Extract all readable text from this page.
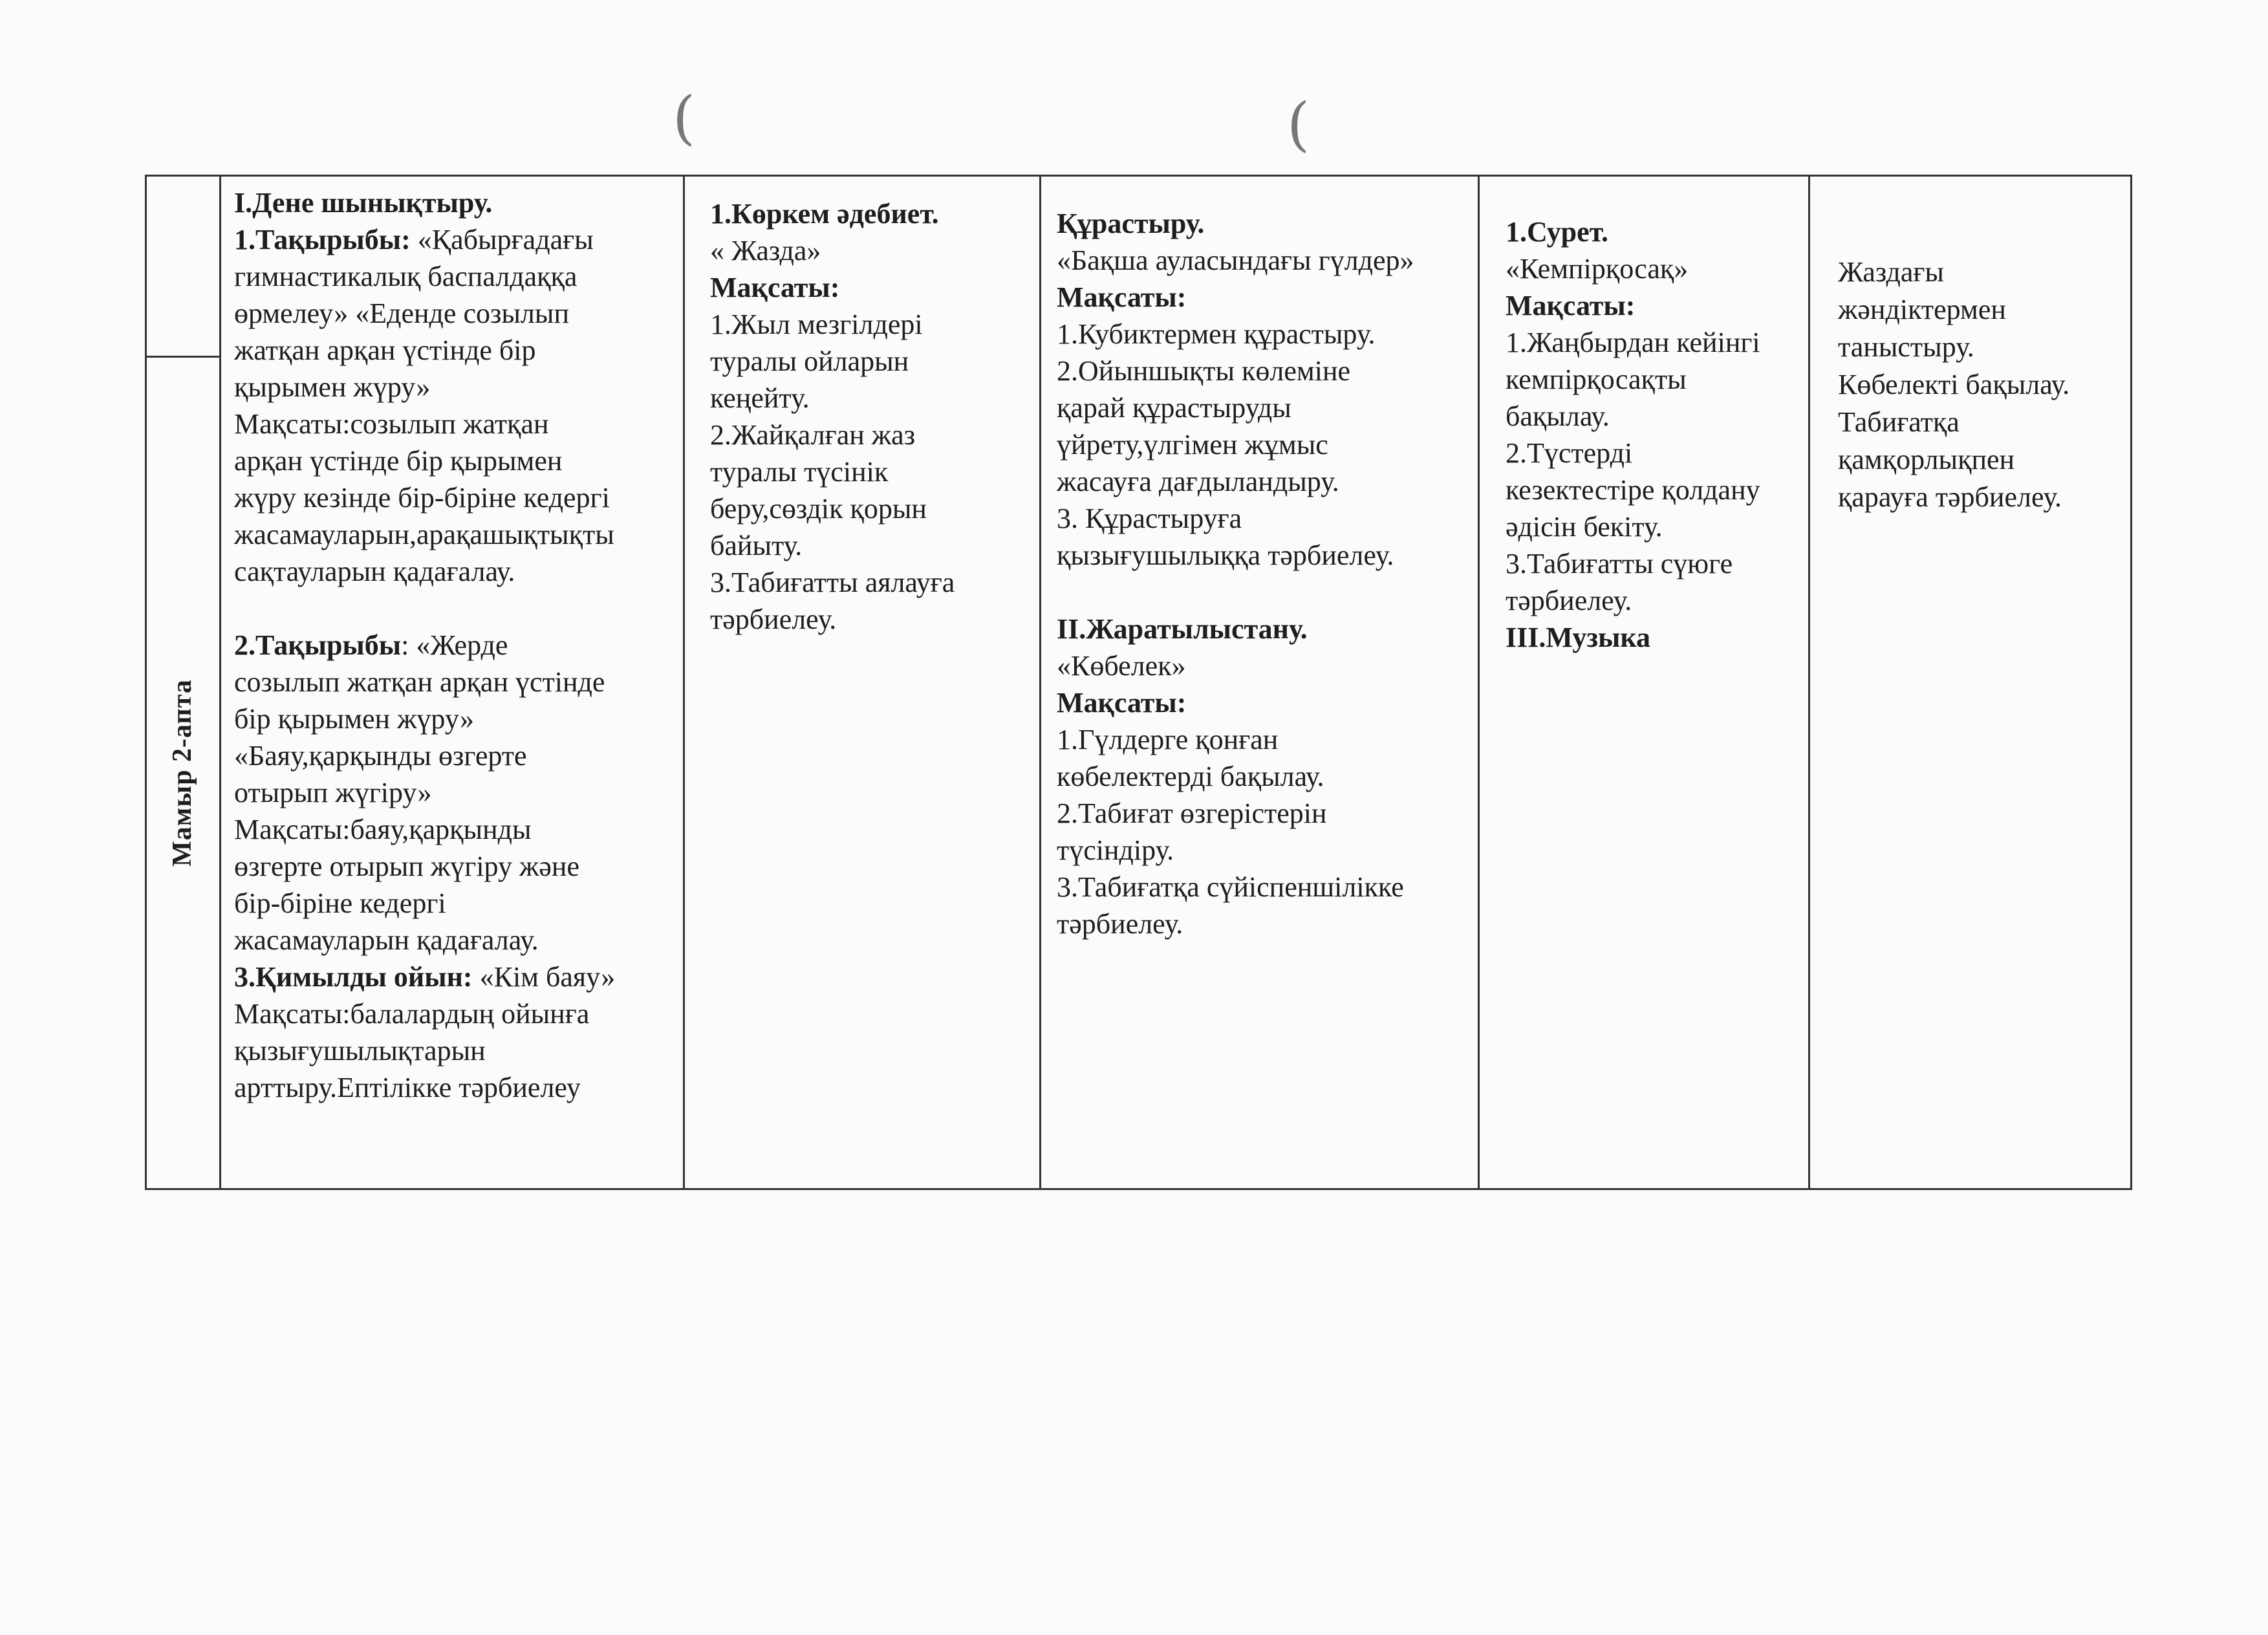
(	(
Мамыр 2-апта
І.Дене шынықтыру.
1.Тақырыбы: «Қабырғадағы
гимнастикалық баспалдаққа
өрмелеу» «Еденде созылып
жатқан арқан үстінде бір
қырымен жүру»
Мақсаты:созылып жатқан
арқан үстінде бір қырымен
жүру кезінде бір-біріне кедергі
жасамауларын,арақашықтықты
сақтауларын қадағалау.

2.Тақырыбы: «Жерде
созылып жатқан арқан үстінде
бір қырымен жүру»
«Баяу,қарқынды өзгерте
отырып жүгіру»
Мақсаты:баяу,қарқынды
өзгерте отырып жүгіру және
бір-біріне кедергі
жасамауларын қадағалау.
3.Қимылды ойын: «Кім баяу»
Мақсаты:балалардың ойынға
қызығушылықтарын
арттыру.Ептілікке тәрбиелеу
1.Көркем әдебиет.
« Жазда»
Мақсаты:
1.Жыл мезгілдері
туралы ойларын
кеңейту.
2.Жайқалған жаз
туралы түсінік
беру,сөздік қорын
байыту.
3.Табиғатты аялауға
тәрбиелеу.
Құрастыру.
«Бақша ауласындағы гүлдер»
Мақсаты:
1.Кубиктермен құрастыру.
2.Ойыншықты көлеміне
қарай құрастыруды
үйрету,үлгімен жұмыс
жасауға дағдыландыру.
3. Құрастыруға
қызығушылыққа тәрбиелеу.

ІІ.Жаратылыстану.
«Көбелек»
Мақсаты:
1.Гүлдерге қонған
көбелектерді бақылау.
2.Табиғат өзгерістерін
түсіндіру.
3.Табиғатқа сүйіспеншілікке
тәрбиелеу.
1.Сурет.
«Кемпірқосақ»
Мақсаты:
1.Жаңбырдан кейінгі
кемпірқосақты
бақылау.
2.Түстерді
кезектестіре қолдану
әдісін бекіту.
3.Табиғатты сүюге
тәрбиелеу.
ІІІ.Музыка
Жаздағы
жәндіктермен
таныстыру.
Көбелекті бақылау.
Табиғатқа
қамқорлықпен
қарауға тәрбиелеу.
